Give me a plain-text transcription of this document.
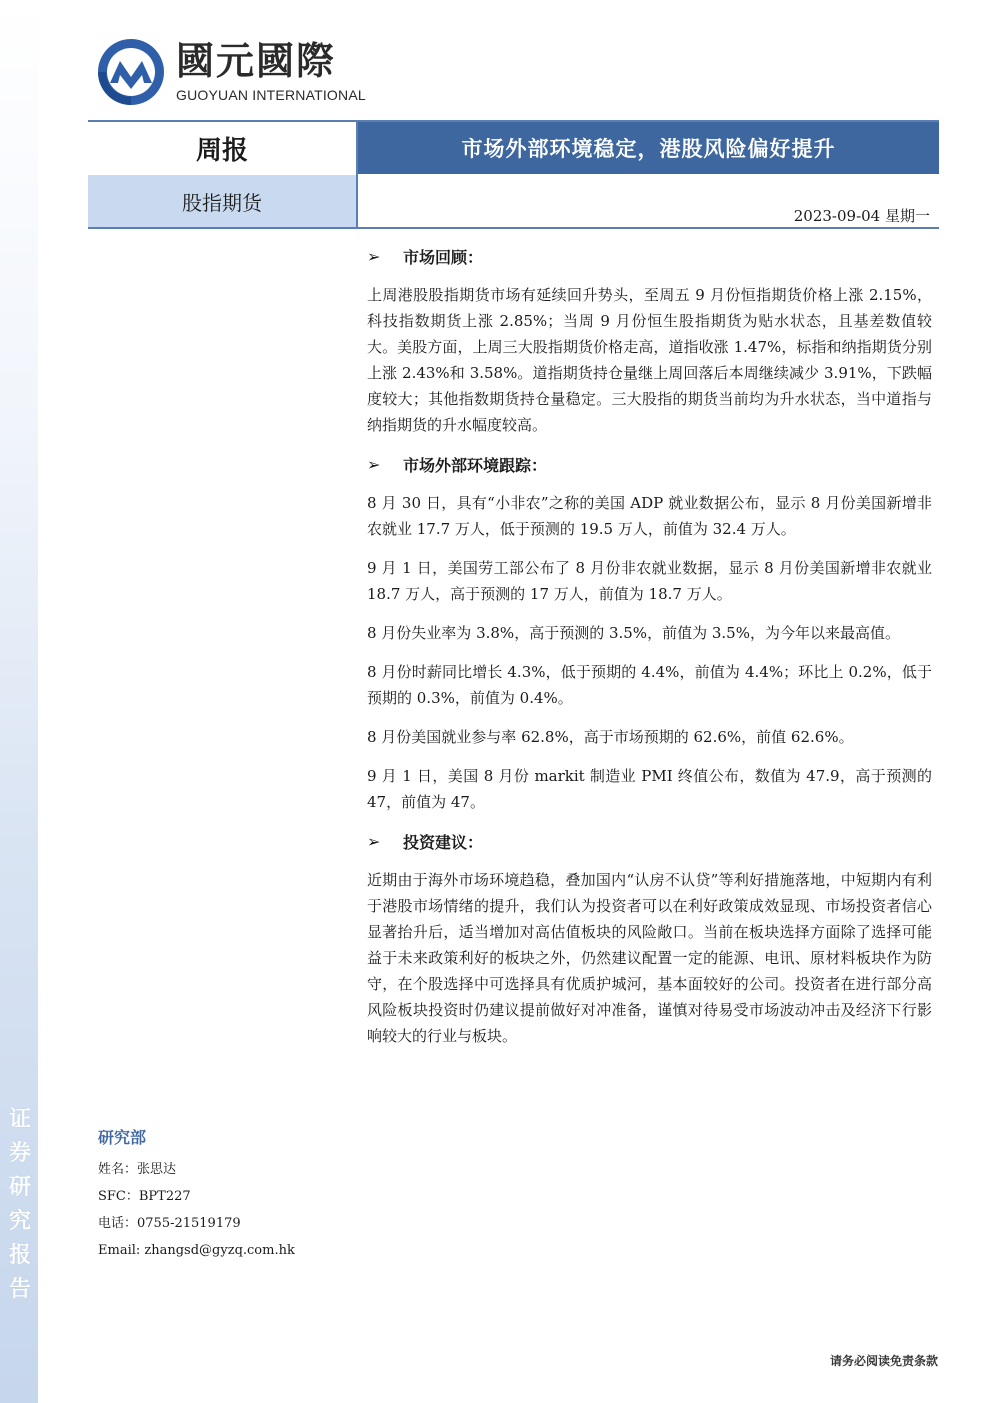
证
券
研
究
报
告
國元國際
GUOYUAN INTERNATIONAL
周报	市场外部环境稳定，港股风险偏好提升
股指期货
2023-09-04 星期一
➢	市场回顾：

上周港股股指期货市场有延续回升势头，至周五 9 月份恒指期货价格上涨 2.15%，科技指数期货上涨 2.85%；当周 9 月份恒生股指期货为贴水状态，且基差数值较大。美股方面，上周三大股指期货价格走高，道指收涨 1.47%，标指和纳指期货分别上涨 2.43%和 3.58%。道指期货持仓量继上周回落后本周继续减少 3.91%，下跌幅度较大；其他指数期货持仓量稳定。三大股指的期货当前均为升水状态，当中道指与纳指期货的升水幅度较高。

➢	市场外部环境跟踪：

8 月 30 日，具有“小非农”之称的美国 ADP 就业数据公布，显示 8 月份美国新增非农就业 17.7 万人，低于预测的 19.5 万人，前值为 32.4 万人。

9 月 1 日，美国劳工部公布了 8 月份非农就业数据，显示 8 月份美国新增非农就业 18.7 万人，高于预测的 17 万人，前值为 18.7 万人。

8 月份失业率为 3.8%，高于预测的 3.5%，前值为 3.5%，为今年以来最高值。

8 月份时薪同比增长 4.3%，低于预期的 4.4%，前值为 4.4%；环比上 0.2%，低于预期的 0.3%，前值为 0.4%。

8 月份美国就业参与率 62.8%，高于市场预期的 62.6%，前值 62.6%。

9 月 1 日，美国 8 月份 markit 制造业 PMI 终值公布，数值为 47.9，高于预测的 47，前值为 47。

➢	投资建议：

近期由于海外市场环境趋稳，叠加国内“认房不认贷”等利好措施落地，中短期内有利于港股市场情绪的提升，我们认为投资者可以在利好政策成效显现、市场投资者信心显著抬升后，适当增加对高估值板块的风险敞口。当前在板块选择方面除了选择可能益于未来政策利好的板块之外，仍然建议配置一定的能源、电讯、原材料板块作为防守，在个股选择中可选择具有优质护城河，基本面较好的公司。投资者在进行部分高风险板块投资时仍建议提前做好对冲准备，谨慎对待易受市场波动冲击及经济下行影响较大的行业与板块。

研究部
姓名：张思达
SFC：BPT227
电话：0755-21519179
Email: zhangsd@gyzq.com.hk
请务必阅读免责条款
